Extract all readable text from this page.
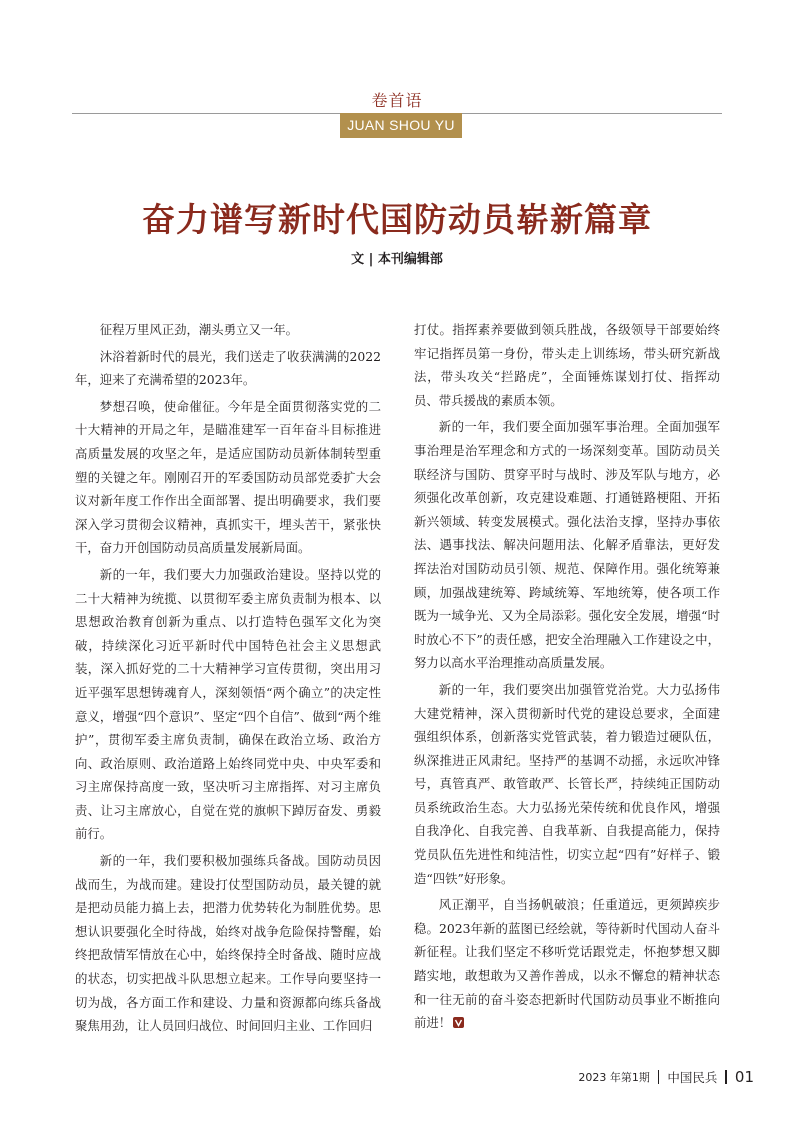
卷首语
JUAN SHOU YU
奋力谱写新时代国防动员崭新篇章
文 | 本刊编辑部

征程万里风正劲，潮头勇立又一年。

沐浴着新时代的晨光，我们送走了收获满满的2022年，迎来了充满希望的2023年。

梦想召唤，使命催征。今年是全面贯彻落实党的二十大精神的开局之年，是瞄准建军一百年奋斗目标推进高质量发展的攻坚之年，是适应国防动员新体制转型重塑的关键之年。刚刚召开的军委国防动员部党委扩大会议对新年度工作作出全面部署、提出明确要求，我们要深入学习贯彻会议精神，真抓实干，埋头苦干，紧张快干，奋力开创国防动员高质量发展新局面。

新的一年，我们要大力加强政治建设。坚持以党的二十大精神为统揽、以贯彻军委主席负责制为根本、以思想政治教育创新为重点、以打造特色强军文化为突破，持续深化习近平新时代中国特色社会主义思想武装，深入抓好党的二十大精神学习宣传贯彻，突出用习近平强军思想铸魂育人，深刻领悟“两个确立”的决定性意义，增强“四个意识”、坚定“四个自信”、做到“两个维护”，贯彻军委主席负责制，确保在政治立场、政治方向、政治原则、政治道路上始终同党中央、中央军委和习主席保持高度一致，坚决听习主席指挥、对习主席负责、让习主席放心，自觉在党的旗帜下踔厉奋发、勇毅前行。

新的一年，我们要积极加强练兵备战。国防动员因战而生，为战而建。建设打仗型国防动员，最关键的就是把动员能力搞上去，把潜力优势转化为制胜优势。思想认识要强化全时待战，始终对战争危险保持警醒，始终把敌情军情放在心中，始终保持全时备战、随时应战的状态，切实把战斗队思想立起来。工作导向要坚持一切为战，各方面工作和建设、力量和资源都向练兵备战聚焦用劲，让人员回归战位、时间回归主业、工作回归

打仗。指挥素养要做到领兵胜战，各级领导干部要始终牢记指挥员第一身份，带头走上训练场，带头研究新战法，带头攻关“拦路虎”，全面锤炼谋划打仗、指挥动员、带兵援战的素质本领。

新的一年，我们要全面加强军事治理。全面加强军事治理是治军理念和方式的一场深刻变革。国防动员关联经济与国防、贯穿平时与战时、涉及军队与地方，必须强化改革创新，攻克建设难题、打通链路梗阻、开拓新兴领域、转变发展模式。强化法治支撑，坚持办事依法、遇事找法、解决问题用法、化解矛盾靠法，更好发挥法治对国防动员引领、规范、保障作用。强化统筹兼顾，加强战建统筹、跨域统筹、军地统筹，使各项工作既为一域争光、又为全局添彩。强化安全发展，增强“时时放心不下”的责任感，把安全治理融入工作建设之中，努力以高水平治理推动高质量发展。

新的一年，我们要突出加强管党治党。大力弘扬伟大建党精神，深入贯彻新时代党的建设总要求，全面建强组织体系，创新落实党管武装，着力锻造过硬队伍，纵深推进正风肃纪。坚持严的基调不动摇，永远吹冲锋号，真管真严、敢管敢严、长管长严，持续纯正国防动员系统政治生态。大力弘扬光荣传统和优良作风，增强自我净化、自我完善、自我革新、自我提高能力，保持党员队伍先进性和纯洁性，切实立起“四有”好样子、锻造“四铁”好形象。

风正潮平，自当扬帆破浪；任重道远，更须踔疾步稳。2023年新的蓝图已经绘就，等待新时代国动人奋斗新征程。让我们坚定不移听党话跟党走，怀抱梦想又脚踏实地，敢想敢为又善作善成，以永不懈怠的精神状态和一往无前的奋斗姿态把新时代国防动员事业不断推向前进！

2023 年第1期 中国民兵 01
